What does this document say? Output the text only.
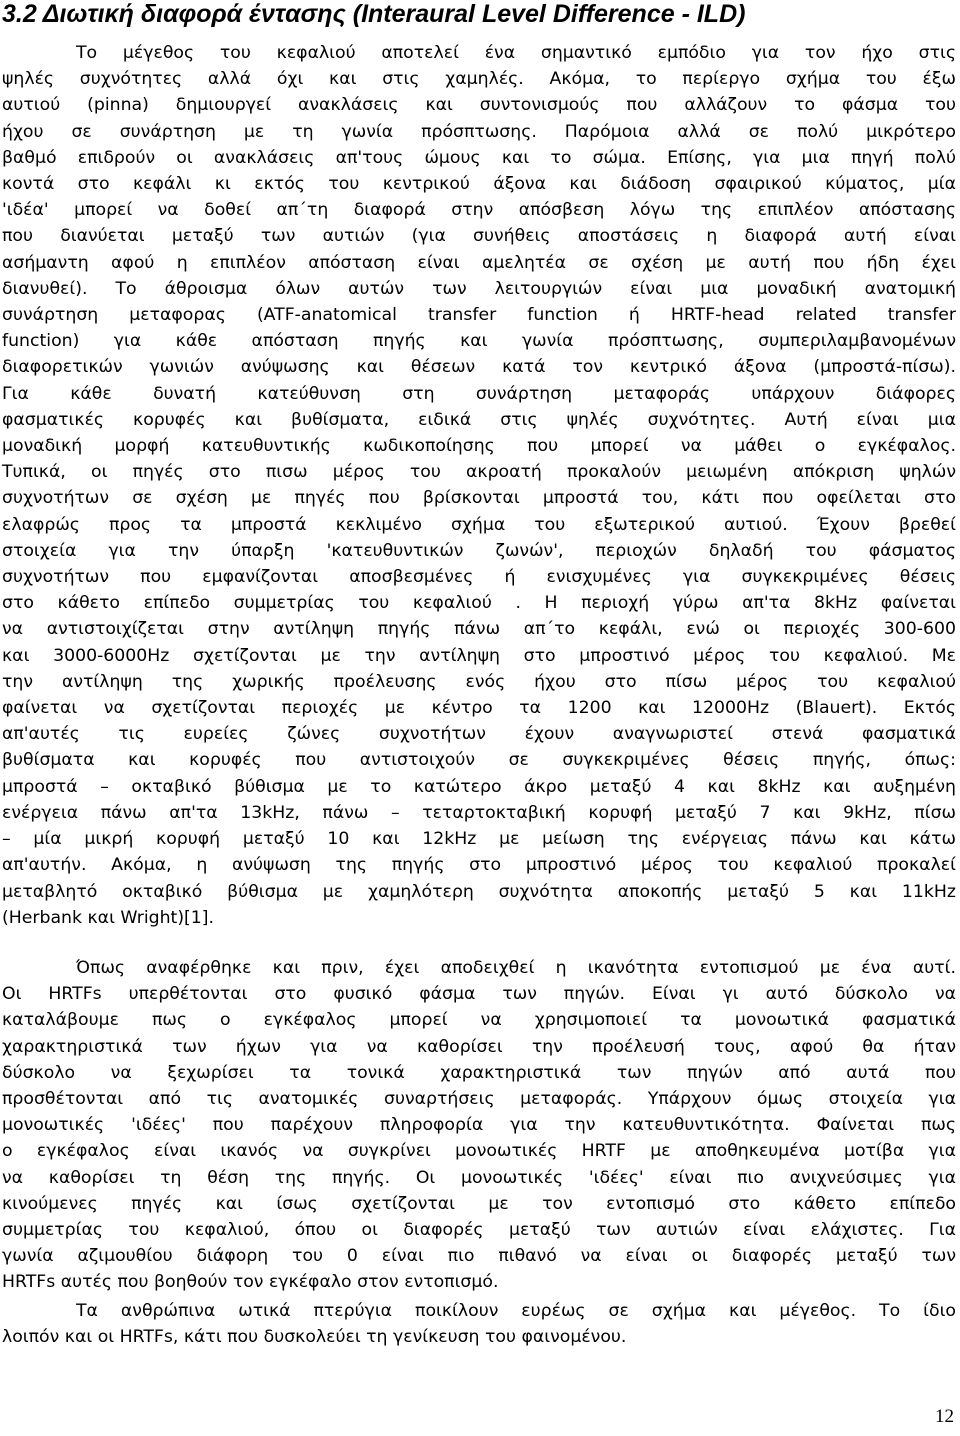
3.2 Διωτική διαφορά έντασης (Interaural Level Difference - ILD)

Το μέγεθος του κεφαλιού αποτελεί ένα σημαντικό εμπόδιο για τον ήχο στις
ψηλές συχνότητες αλλά όχι και στις χαμηλές. Ακόμα, το περίεργο σχήμα του έξω
αυτιού (pinna) δημιουργεί ανακλάσεις και συντονισμούς που αλλάζουν το φάσμα του
ήχου σε συνάρτηση με τη γωνία πρόσπτωσης. Παρόμοια αλλά σε πολύ μικρότερο
βαθμό επιδρούν οι ανακλάσεις απ'τους ώμους και το σώμα. Επίσης, για μια πηγή πολύ
κοντά στο κεφάλι κι εκτός του κεντρικού άξονα και διάδοση σφαιρικού κύματος, μία
'ιδέα' μπορεί να δοθεί απ΄τη διαφορά στην απόσβεση λόγω της επιπλέον απόστασης
που διανύεται μεταξύ των αυτιών (για συνήθεις αποστάσεις η διαφορά αυτή είναι
ασήμαντη αφού η επιπλέον απόσταση είναι αμελητέα σε σχέση με αυτή που ήδη έχει
διανυθεί). Το άθροισμα όλων αυτών των λειτουργιών είναι μια μοναδική ανατομική
συνάρτηση μεταφορας (ATF-anatomical transfer function ή HRTF-head related transfer
function) για κάθε απόσταση πηγής και γωνία πρόσπτωσης, συμπεριλαμβανομένων
διαφορετικών γωνιών ανύψωσης και θέσεων κατά τον κεντρικό άξονα (μπροστά-πίσω).
Για κάθε δυνατή κατεύθυνση στη συνάρτηση μεταφοράς υπάρχουν διάφορες
φασματικές κορυφές και βυθίσματα, ειδικά στις ψηλές συχνότητες. Αυτή είναι μια
μοναδική μορφή κατευθυντικής κωδικοποίησης που μπορεί να μάθει ο εγκέφαλος.
Τυπικά, οι πηγές στο πισω μέρος του ακροατή προκαλούν μειωμένη απόκριση ψηλών
συχνοτήτων σε σχέση με πηγές που βρίσκονται μπροστά του, κάτι που οφείλεται στο
ελαφρώς προς τα μπροστά κεκλιμένο σχήμα του εξωτερικού αυτιού. Έχουν βρεθεί
στοιχεία για την ύπαρξη 'κατευθυντικών ζωνών', περιοχών δηλαδή του φάσματος
συχνοτήτων που εμφανίζονται αποσβεσμένες ή ενισχυμένες για συγκεκριμένες θέσεις
στο κάθετο επίπεδο συμμετρίας του κεφαλιού . Η περιοχή γύρω απ'τα 8kHz φαίνεται
να αντιστοιχίζεται στην αντίληψη πηγής πάνω απ΄το κεφάλι, ενώ οι περιοχές 300-600
και 3000-6000Hz σχετίζονται με την αντίληψη στο μπροστινό μέρος του κεφαλιού. Με
την αντίληψη της χωρικής προέλευσης ενός ήχου στο πίσω μέρος του κεφαλιού
φαίνεται να σχετίζονται περιοχές με κέντρο τα 1200 και 12000Hz (Blauert). Εκτός
απ'αυτές τις ευρείες ζώνες συχνοτήτων έχουν αναγνωριστεί στενά φασματικά
βυθίσματα και κορυφές που αντιστοιχούν σε συγκεκριμένες θέσεις πηγής, όπως:
μπροστά – οκταβικό βύθισμα με το κατώτερο άκρο μεταξύ 4 και 8kHz και αυξημένη
ενέργεια πάνω απ'τα 13kHz, πάνω – τεταρτοκταβική κορυφή μεταξύ 7 και 9kHz, πίσω
– μία μικρή κορυφή μεταξύ 10 και 12kHz με μείωση της ενέργειας πάνω και κάτω
απ'αυτήν. Ακόμα, η ανύψωση της πηγής στο μπροστινό μέρος του κεφαλιού προκαλεί
μεταβλητό οκταβικό βύθισμα με χαμηλότερη συχνότητα αποκοπής μεταξύ 5 και 11kHz
(Herbank και Wright)[1].

Όπως αναφέρθηκε και πριν, έχει αποδειχθεί η ικανότητα εντοπισμού με ένα αυτί.
Οι HRTFs υπερθέτονται στο φυσικό φάσμα των πηγών. Είναι γι αυτό δύσκολο να
καταλάβουμε πως ο εγκέφαλος μπορεί να χρησιμοποιεί τα μονοωτικά φασματικά
χαρακτηριστικά των ήχων για να καθορίσει την προέλευσή τους, αφού θα ήταν
δύσκολο να ξεχωρίσει τα τονικά χαρακτηριστικά των πηγών από αυτά που
προσθέτονται από τις ανατομικές συναρτήσεις μεταφοράς. Υπάρχουν όμως στοιχεία για
μονοωτικές 'ιδέες' που παρέχουν πληροφορία για την κατευθυντικότητα. Φαίνεται πως
ο εγκέφαλος είναι ικανός να συγκρίνει μονοωτικές HRTF με αποθηκευμένα μοτίβα για
να καθορίσει τη θέση της πηγής. Οι μονοωτικές 'ιδέες' είναι πιο ανιχνεύσιμες για
κινούμενες πηγές και ίσως σχετίζονται με τον εντοπισμό στο κάθετο επίπεδο
συμμετρίας του κεφαλιού, όπου οι διαφορές μεταξύ των αυτιών είναι ελάχιστες. Για
γωνία αζιμουθίου διάφορη του 0 είναι πιο πιθανό να είναι οι διαφορές μεταξύ των
HRTFs αυτές που βοηθούν τον εγκέφαλο στον εντοπισμό.

Τα ανθρώπινα ωτικά πτερύγια ποικίλουν ευρέως σε σχήμα και μέγεθος. Το ίδιο
λοιπόν και οι HRTFs, κάτι που δυσκολεύει τη γενίκευση του φαινομένου.

12
